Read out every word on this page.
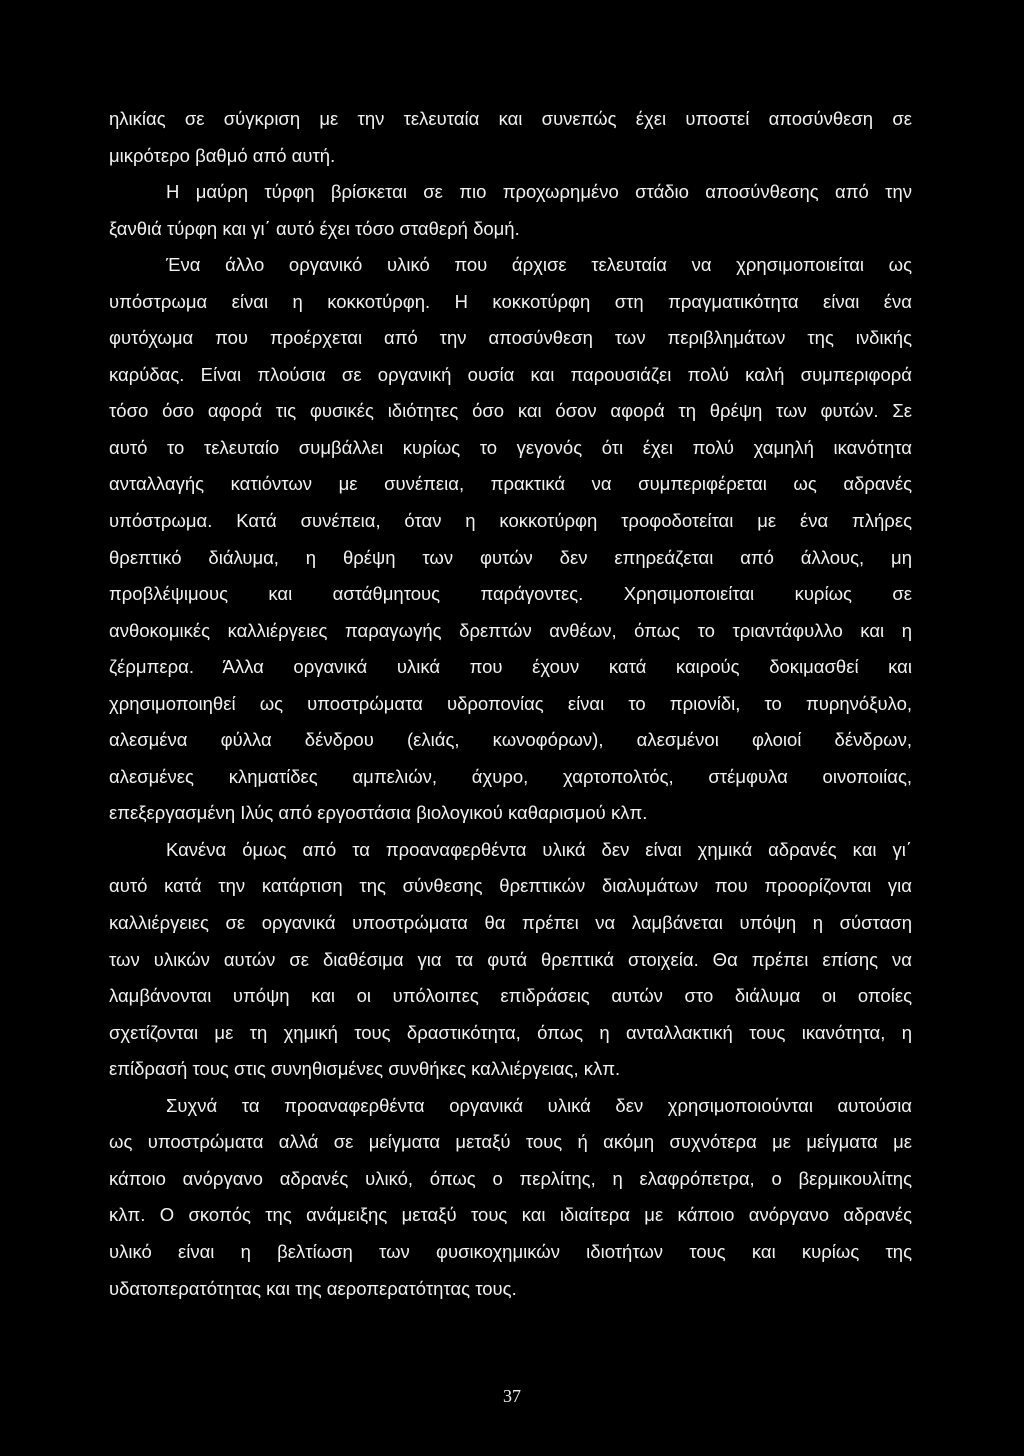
ηλικίας σε σύγκριση με την τελευταία και συνεπώς έχει υποστεί αποσύνθεση σε
μικρότερο βαθμό από αυτή.
Η μαύρη τύρφη βρίσκεται σε πιο προχωρημένο στάδιο αποσύνθεσης από την
ξανθιά τύρφη και γι΄ αυτό έχει τόσο σταθερή δομή.
Ένα άλλο οργανικό υλικό που άρχισε τελευταία να χρησιμοποιείται ως
υπόστρωμα είναι η κοκκοτύρφη. Η κοκκοτύρφη στη πραγματικότητα είναι ένα
φυτόχωμα που προέρχεται από την αποσύνθεση των περιβλημάτων της ινδικής
καρύδας. Είναι πλούσια σε οργανική ουσία και παρουσιάζει πολύ καλή συμπεριφορά
τόσο όσο αφορά τις φυσικές ιδιότητες όσο και όσον αφορά τη θρέψη των φυτών. Σε
αυτό το τελευταίο συμβάλλει κυρίως το γεγονός ότι έχει πολύ χαμηλή ικανότητα
ανταλλαγής κατιόντων με συνέπεια, πρακτικά να συμπεριφέρεται ως αδρανές
υπόστρωμα. Κατά συνέπεια, όταν η κοκκοτύρφη τροφοδοτείται με ένα πλήρες
θρεπτικό διάλυμα, η θρέψη των φυτών δεν επηρεάζεται από άλλους, μη
προβλέψιμους και αστάθμητους παράγοντες. Χρησιμοποιείται κυρίως σε
ανθοκομικές καλλιέργειες παραγωγής δρεπτών ανθέων, όπως το τριαντάφυλλο και η
ζέρμπερα. Άλλα οργανικά υλικά που έχουν κατά καιρούς δοκιμασθεί και
χρησιμοποιηθεί ως υποστρώματα υδροπονίας είναι το πριονίδι, το πυρηνόξυλο,
αλεσμένα φύλλα δένδρου (ελιάς, κωνοφόρων), αλεσμένοι φλοιοί δένδρων,
αλεσμένες κληματίδες αμπελιών, άχυρο, χαρτοπολτός, στέμφυλα οινοποιίας,
επεξεργασμένη Ιλύς από εργοστάσια βιολογικού καθαρισμού κλπ.
Κανένα όμως από τα προαναφερθέντα υλικά δεν είναι χημικά αδρανές και γι΄
αυτό κατά την κατάρτιση της σύνθεσης θρεπτικών διαλυμάτων που προορίζονται για
καλλιέργειες σε οργανικά υποστρώματα θα πρέπει να λαμβάνεται υπόψη η σύσταση
των υλικών αυτών σε διαθέσιμα για τα φυτά θρεπτικά στοιχεία. Θα πρέπει επίσης να
λαμβάνονται υπόψη και οι υπόλοιπες επιδράσεις αυτών στο διάλυμα οι οποίες
σχετίζονται με τη χημική τους δραστικότητα, όπως η ανταλλακτική τους ικανότητα, η
επίδρασή τους στις συνηθισμένες συνθήκες καλλιέργειας, κλπ.
Συχνά τα προαναφερθέντα οργανικά υλικά δεν χρησιμοποιούνται αυτούσια
ως υποστρώματα αλλά σε μείγματα μεταξύ τους ή ακόμη συχνότερα με μείγματα με
κάποιο ανόργανο αδρανές υλικό, όπως ο περλίτης, η ελαφρόπετρα, ο βερμικουλίτης
κλπ. Ο σκοπός της ανάμειξης μεταξύ τους και ιδιαίτερα με κάποιο ανόργανο αδρανές
υλικό είναι η βελτίωση των φυσικοχημικών ιδιοτήτων τους και κυρίως της
υδατοπερατότητας και της αεροπερατότητας τους.
37
